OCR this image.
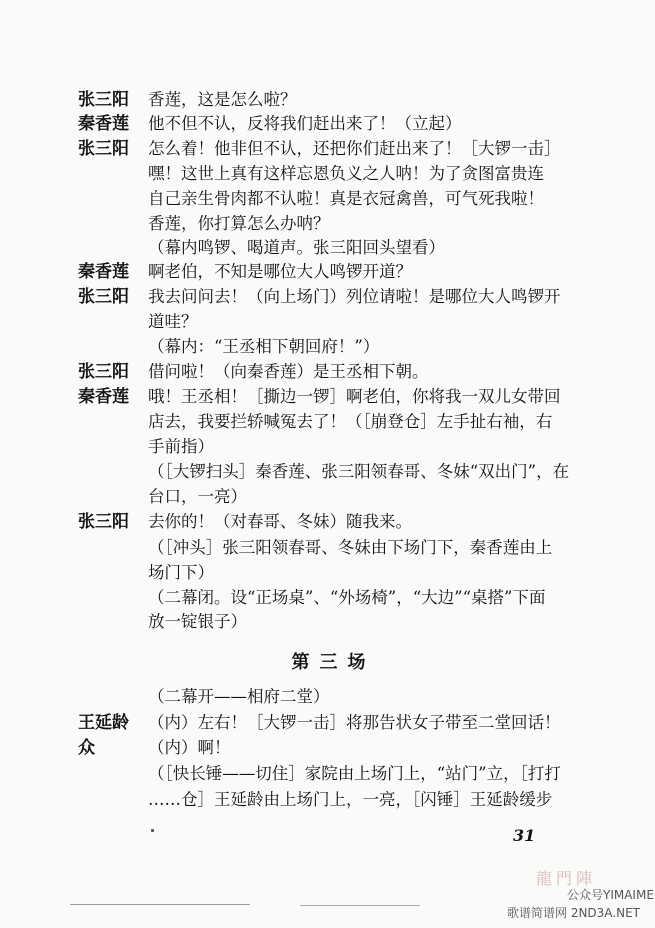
张三阳 香莲，这是怎么啦？
秦香莲 他不但不认，反将我们赶出来了！（立起）
张三阳 怎么着！他非但不认，还把你们赶出来了！［大锣一击］
嘿！这世上真有这样忘恩负义之人呐！为了贪图富贵连
自己亲生骨肉都不认啦！真是衣冠禽兽，可气死我啦！
香莲，你打算怎么办呐？
（幕内鸣锣、喝道声。张三阳回头望看）
秦香莲 啊老伯，不知是哪位大人鸣锣开道？
张三阳 我去问问去！（向上场门）列位请啦！是哪位大人鸣锣开
道哇？
（幕内：“王丞相下朝回府！”）
张三阳 借问啦！（向秦香莲）是王丞相下朝。
秦香莲 哦！王丞相！［撕边一锣］啊老伯，你将我一双儿女带回
店去，我要拦轿喊冤去了！（［崩登仓］左手扯右袖，右
手前指）
（［大锣扫头］秦香莲、张三阳领春哥、冬妹“双出门”，在
台口，一亮）
张三阳 去你的！（对春哥、冬妹）随我来。
（［冲头］张三阳领春哥、冬妹由下场门下，秦香莲由上
场门下）
（二幕闭。设“正场桌”、“外场椅”，“大边”“桌搭”下面
放一锭银子）
第三场
（二幕开——相府二堂）
王延龄 （内）左右！［大锣一击］将那告状女子带至二堂回话！
众	（内）啊！
（［快长锤——切住］家院由上场门上，“站门”立，［打打
……仓］王延龄由上场门上，一亮，［闪锤］王延龄缓步
31
龍門陣
公众号YIMAIME
歌谱简谱网 2ND3A.NET
